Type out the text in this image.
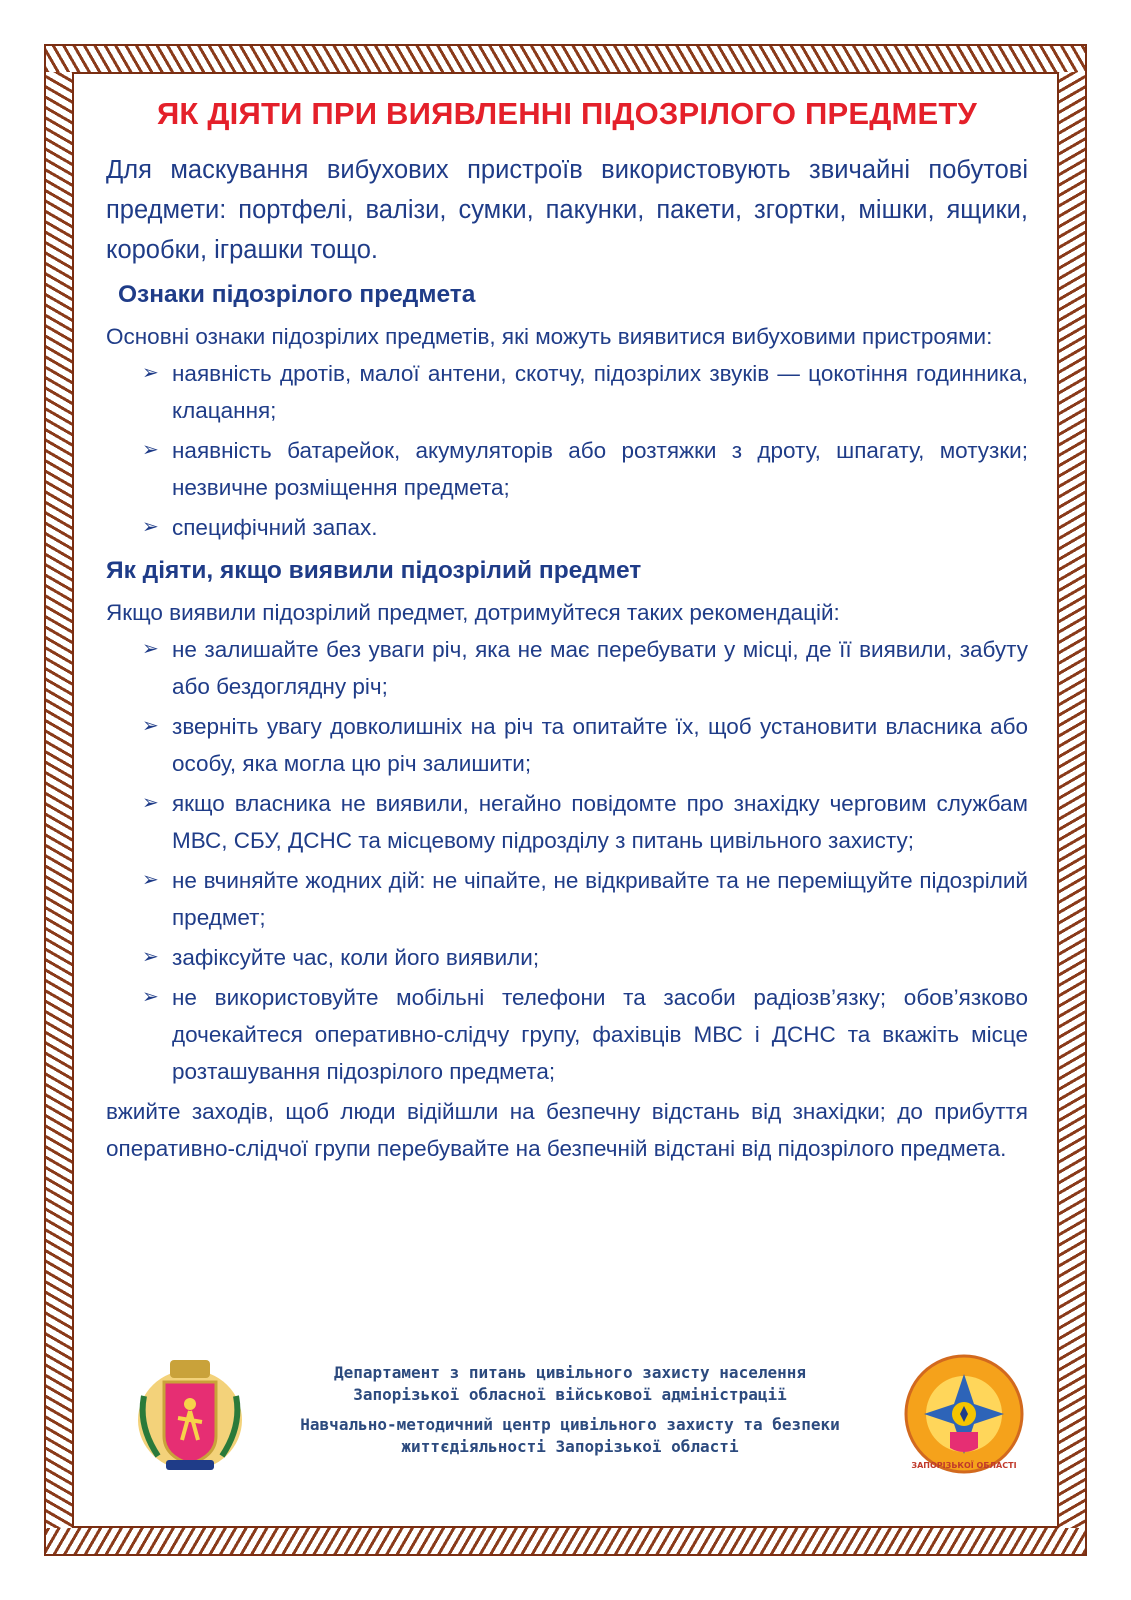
ЯК ДІЯТИ ПРИ ВИЯВЛЕННІ ПІДОЗРІЛОГО ПРЕДМЕТУ

Для маскування вибухових пристроїв використовують звичайні побутові предмети: портфелі, валізи, сумки, пакунки, пакети, згортки, мішки, ящики, коробки, іграшки тощо.

Ознаки підозрілого предмета

Основні ознаки підозрілих предметів, які можуть виявитися вибуховими пристроями:

➢ наявність дротів, малої антени, скотчу, підозрілих звуків — цокотіння годинника, клацання;
➢ наявність батарейок, акумуляторів або розтяжки з дроту, шпагату, мотузки; незвичне розміщення предмета;
➢ специфічний запах.
Як діяти, якщо виявили підозрілий предмет

Якщо виявили підозрілий предмет, дотримуйтеся таких рекомендацій:

➢ не залишайте без уваги річ, яка не має перебувати у місці, де її виявили, забуту або бездоглядну річ;
➢ зверніть увагу довколишніх на річ та опитайте їх, щоб установити власника або особу, яка могла цю річ залишити;
➢ якщо власника не виявили, негайно повідомте про знахідку черговим службам МВС, СБУ, ДСНС та місцевому підрозділу з питань цивільного захисту;
➢ не вчиняйте жодних дій: не чіпайте, не відкривайте та не переміщуйте підозрілий предмет;
➢ зафіксуйте час, коли його виявили;
➢ не використовуйте мобільні телефони та засоби радіозв’язку; обов’язково дочекайтеся оперативно-слідчу групу, фахівців МВС і ДСНС та вкажіть місце розташування підозрілого предмета;

вжийте заходів, щоб люди відійшли на безпечну відстань від знахідки; до прибуття оперативно-слідчої групи перебувайте на безпечній відстані від підозрілого предмета.

Департамент з питань цивільного захисту населення
Запорізької обласної військової адміністрації
Навчально-методичний центр цивільного захисту та безпеки
життєдіяльності Запорізької області
ЗАПОРІЗЬКОЇ ОБЛАСТІ
